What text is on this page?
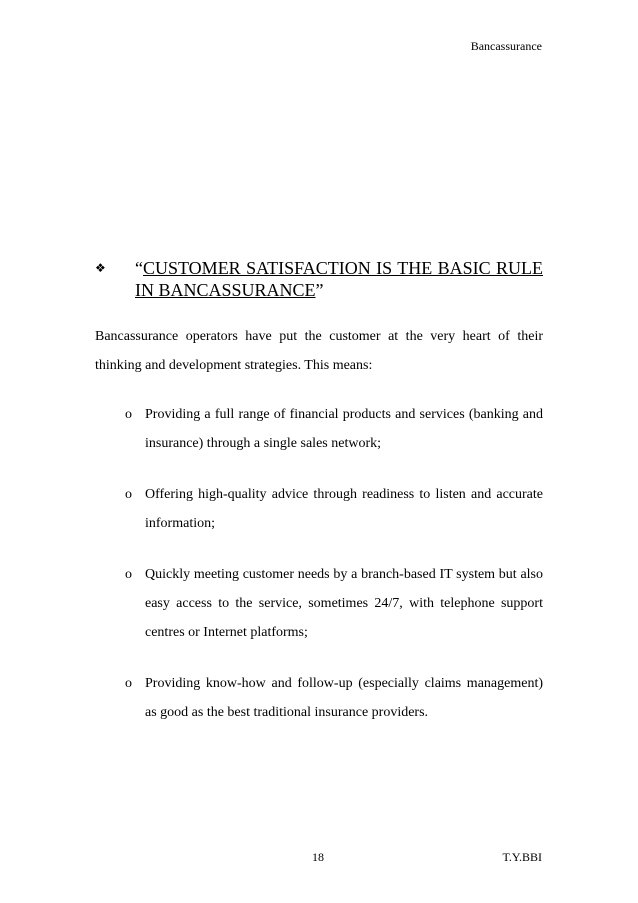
Bancassurance
❖	“CUSTOMER SATISFACTION IS THE BASIC RULE IN BANCASSURANCE”
Bancassurance operators have put the customer at the very heart of their thinking and development strategies. This means:
o Providing a full range of financial products and services (banking and insurance) through a single sales network;
o Offering high-quality advice through readiness to listen and accurate information;
o Quickly meeting customer needs by a branch-based IT system but also easy access to the service, sometimes 24/7, with telephone support centres or Internet platforms;
o Providing know-how and follow-up (especially claims management) as good as the best traditional insurance providers.
18	T.Y.BBI
